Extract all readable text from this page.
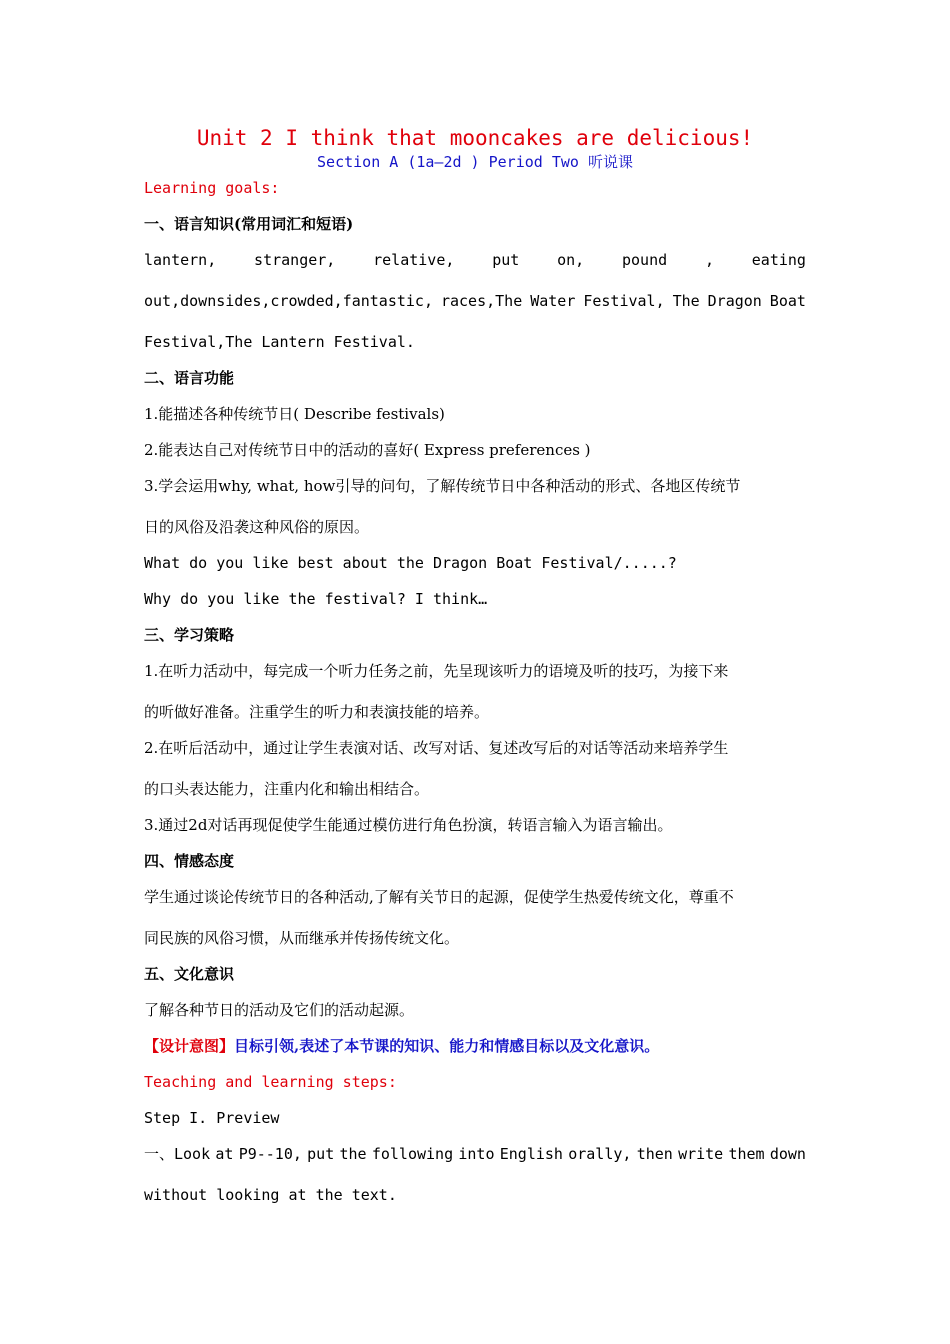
Unit 2 I think that mooncakes are delicious!
Section A (1a—2d ) Period Two 听说课
Learning goals:
一、语言知识(常用词汇和短语)
lantern,	stranger,	relative,	put	on,	pound	,	eating
out,downsides,crowded,fantastic, races,The Water Festival, The Dragon Boat
Festival,The Lantern Festival.
二、语言功能
1.能描述各种传统节日( Describe festivals)
2.能表达自己对传统节日中的活动的喜好( Express preferences )
3.学会运用why, what, how引导的问句，了解传统节日中各种活动的形式、各地区传统节
日的风俗及沿袭这种风俗的原因。
What do you like best about the Dragon Boat Festival/.....?
Why do you like the festival? I think…
三、学习策略
1.在听力活动中，每完成一个听力任务之前，先呈现该听力的语境及听的技巧，为接下来
的听做好准备。注重学生的听力和表演技能的培养。
2.在听后活动中，通过让学生表演对话、改写对话、复述改写后的对话等活动来培养学生
的口头表达能力，注重内化和输出相结合。
3.通过2d对话再现促使学生能通过模仿进行角色扮演，转语言输入为语言输出。
四、情感态度
学生通过谈论传统节日的各种活动,了解有关节日的起源，促使学生热爱传统文化，尊重不
同民族的风俗习惯，从而继承并传扬传统文化。
五、文化意识
了解各种节日的活动及它们的活动起源。
【设计意图】目标引领,表述了本节课的知识、能力和情感目标以及文化意识。
Teaching and learning steps:
Step I. Preview
一、Look at P9--10, put the following into English orally, then write them down
without looking at the text.
